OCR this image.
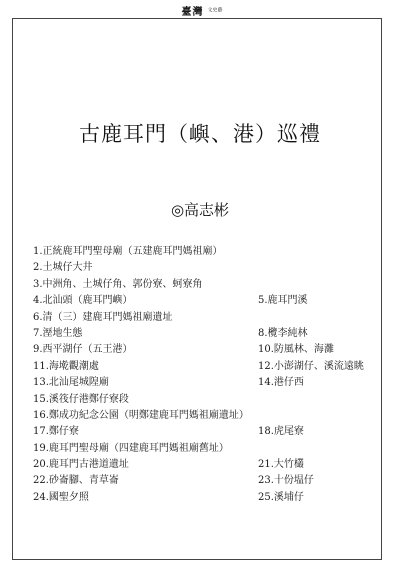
臺灣 文史藝
古鹿耳門（嶼、港）巡禮
◎高志彬
1.正統鹿耳門聖母廟（五建鹿耳門媽祖廟）
2.土城仔大井
3.中洲角、土城仔角、郭份寮、蚵寮角
4.北汕頭（鹿耳門嶼）	5.鹿耳門溪
6.清（三）建鹿耳門媽祖廟遺址
7.溼地生態	8.欖李純林
9.西平湖仔（五王港）	10.防風林、海灘
11.海墘觀潮處	12.小澎湖仔、溪流遠眺
13.北汕尾城隍廟	14.港仔西
15.溪筏仔港鄭仔寮段
16.鄭成功紀念公園（明鄭建鹿耳門媽祖廟遺址）
17.鄭仔寮	18.虎尾寮
19.鹿耳門聖母廟（四建鹿耳門媽祖廟舊址）
20.鹿耳門古港道遺址	21.大竹欉
22.砂崙腳、青草崙	23.十份塭仔
24.國聖夕照	25.溪埔仔
